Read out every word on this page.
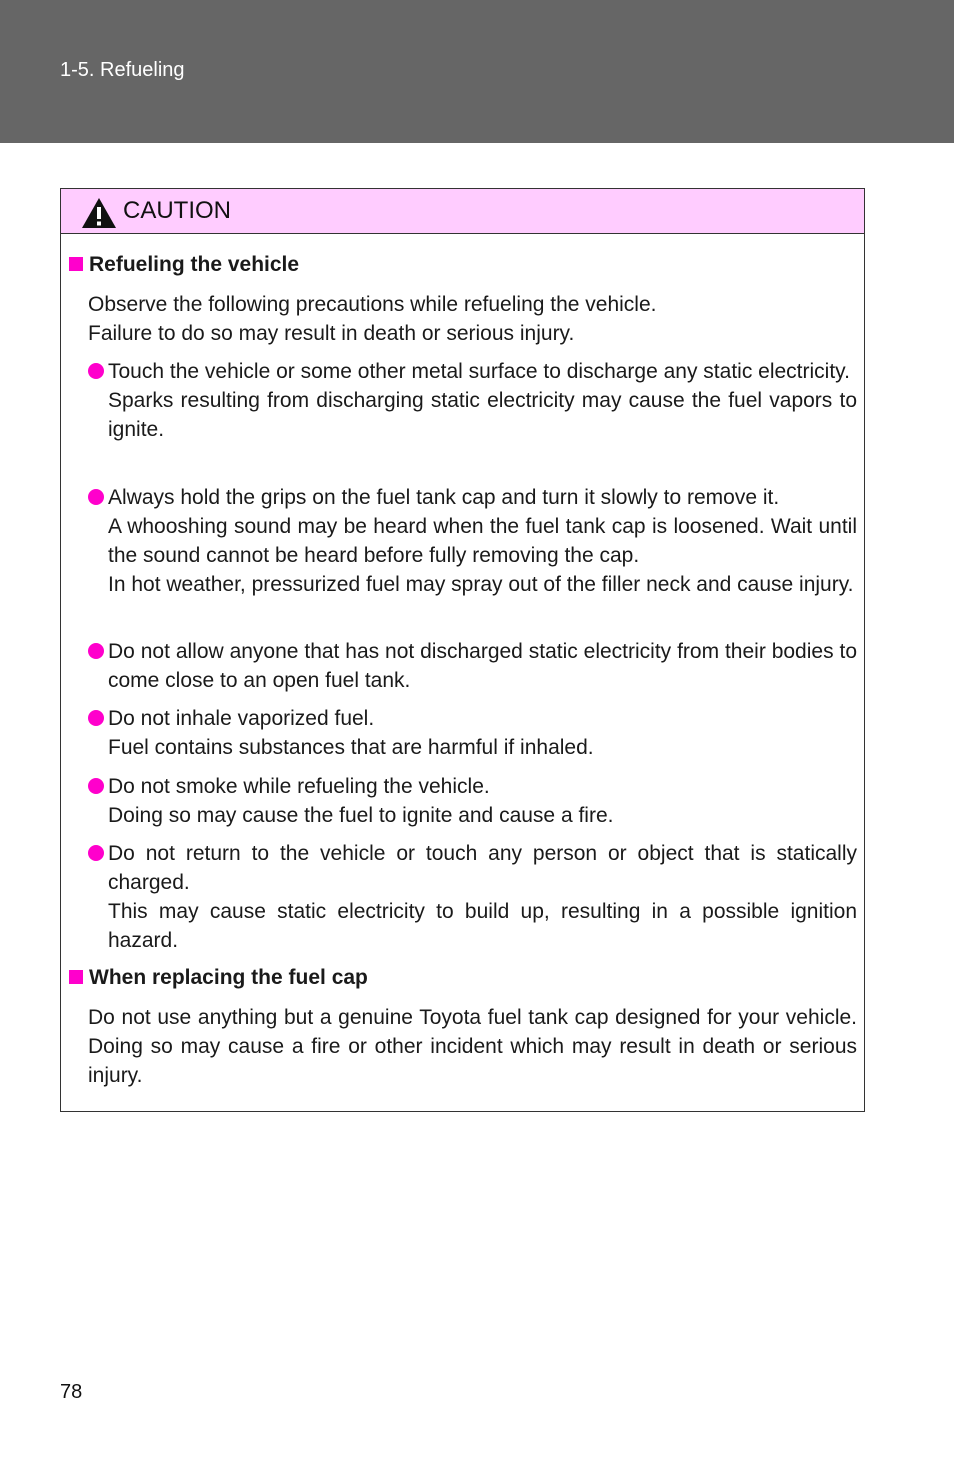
1-5. Refueling
CAUTION
Refueling the vehicle

Observe the following precautions while refueling the vehicle.

Failure to do so may result in death or serious injury.

Touch the vehicle or some other metal surface to discharge any static electricity.
Sparks resulting from discharging static electricity may cause the fuel vapors to ignite.
Always hold the grips on the fuel tank cap and turn it slowly to remove it.
A whooshing sound may be heard when the fuel tank cap is loosened. Wait until the sound cannot be heard before fully removing the cap.
In hot weather, pressurized fuel may spray out of the filler neck and cause injury.
Do not allow anyone that has not discharged static electricity from their bodies to come close to an open fuel tank.
Do not inhale vaporized fuel.
Fuel contains substances that are harmful if inhaled.
Do not smoke while refueling the vehicle.
Doing so may cause the fuel to ignite and cause a fire.
Do not return to the vehicle or touch any person or object that is statically charged.
This may cause static electricity to build up, resulting in a possible ignition hazard.
When replacing the fuel cap

Do not use anything but a genuine Toyota fuel tank cap designed for your vehicle. Doing so may cause a fire or other incident which may result in death or serious injury.

78
